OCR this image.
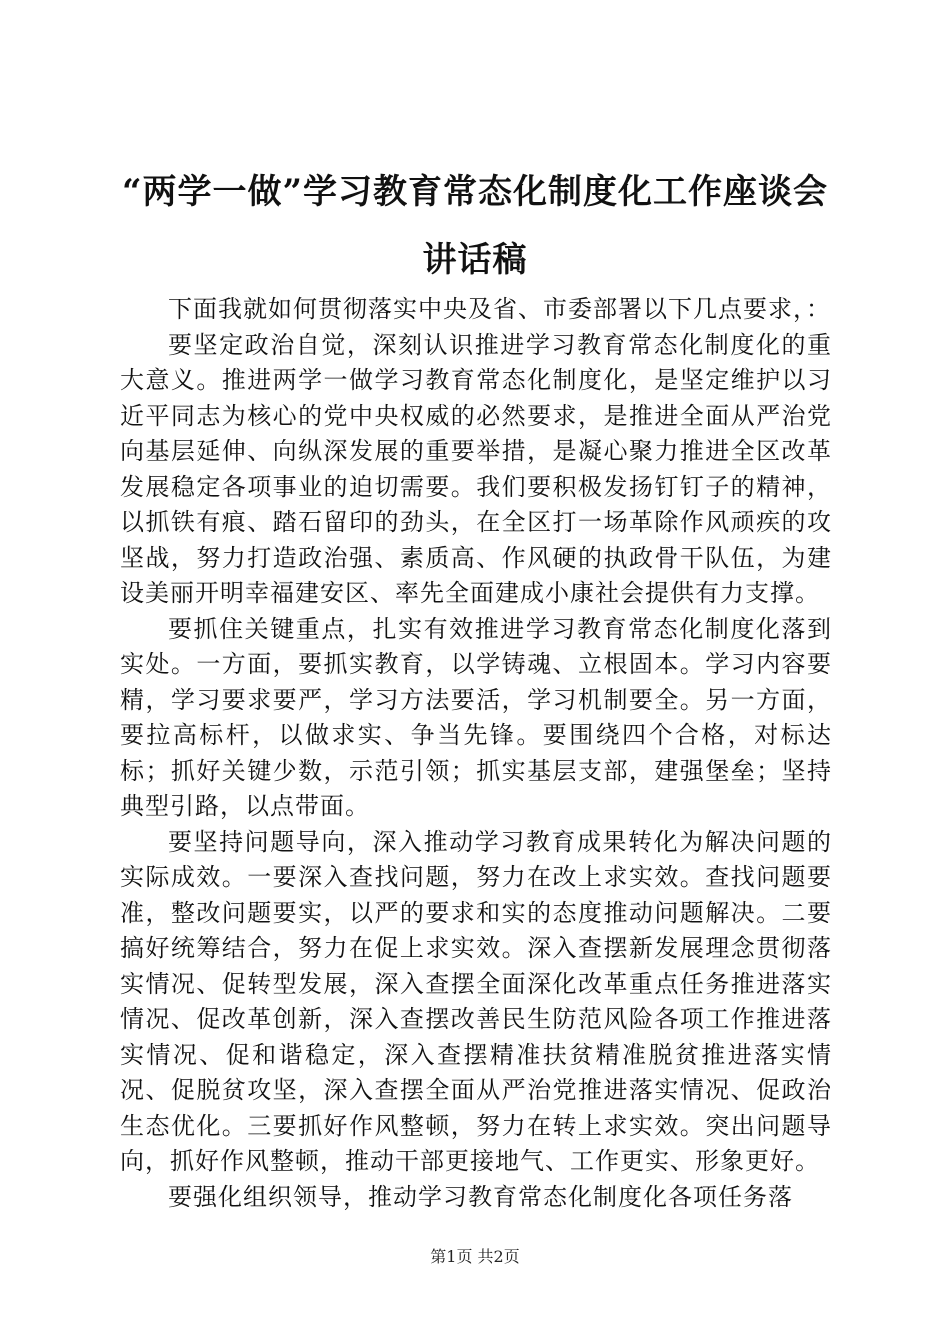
“两学一做”学习教育常态化制度化工作座谈会讲话稿

下面我就如何贯彻落实中央及省、市委部署以下几点要求，：

要坚定政治自觉，深刻认识推进学习教育常态化制度化的重大意义。推进两学一做学习教育常态化制度化，是坚定维护以习近平同志为核心的党中央权威的必然要求，是推进全面从严治党向基层延伸、向纵深发展的重要举措，是凝心聚力推进全区改革发展稳定各项事业的迫切需要。我们要积极发扬钉钉子的精神，以抓铁有痕、踏石留印的劲头，在全区打一场革除作风顽疾的攻坚战，努力打造政治强、素质高、作风硬的执政骨干队伍，为建设美丽开明幸福建安区、率先全面建成小康社会提供有力支撑。

要抓住关键重点，扎实有效推进学习教育常态化制度化落到实处。一方面，要抓实教育，以学铸魂、立根固本。学习内容要精，学习要求要严，学习方法要活，学习机制要全。另一方面，要拉高标杆，以做求实、争当先锋。要围绕四个合格，对标达标；抓好关键少数，示范引领；抓实基层支部，建强堡垒；坚持典型引路，以点带面。

要坚持问题导向，深入推动学习教育成果转化为解决问题的实际成效。一要深入查找问题，努力在改上求实效。查找问题要准，整改问题要实，以严的要求和实的态度推动问题解决。二要搞好统筹结合，努力在促上求实效。深入查摆新发展理念贯彻落实情况、促转型发展，深入查摆全面深化改革重点任务推进落实情况、促改革创新，深入查摆改善民生防范风险各项工作推进落实情况、促和谐稳定，深入查摆精准扶贫精准脱贫推进落实情况、促脱贫攻坚，深入查摆全面从严治党推进落实情况、促政治生态优化。三要抓好作风整顿，努力在转上求实效。突出问题导向，抓好作风整顿，推动干部更接地气、工作更实、形象更好。

要强化组织领导，推动学习教育常态化制度化各项任务落

第1页 共2页
